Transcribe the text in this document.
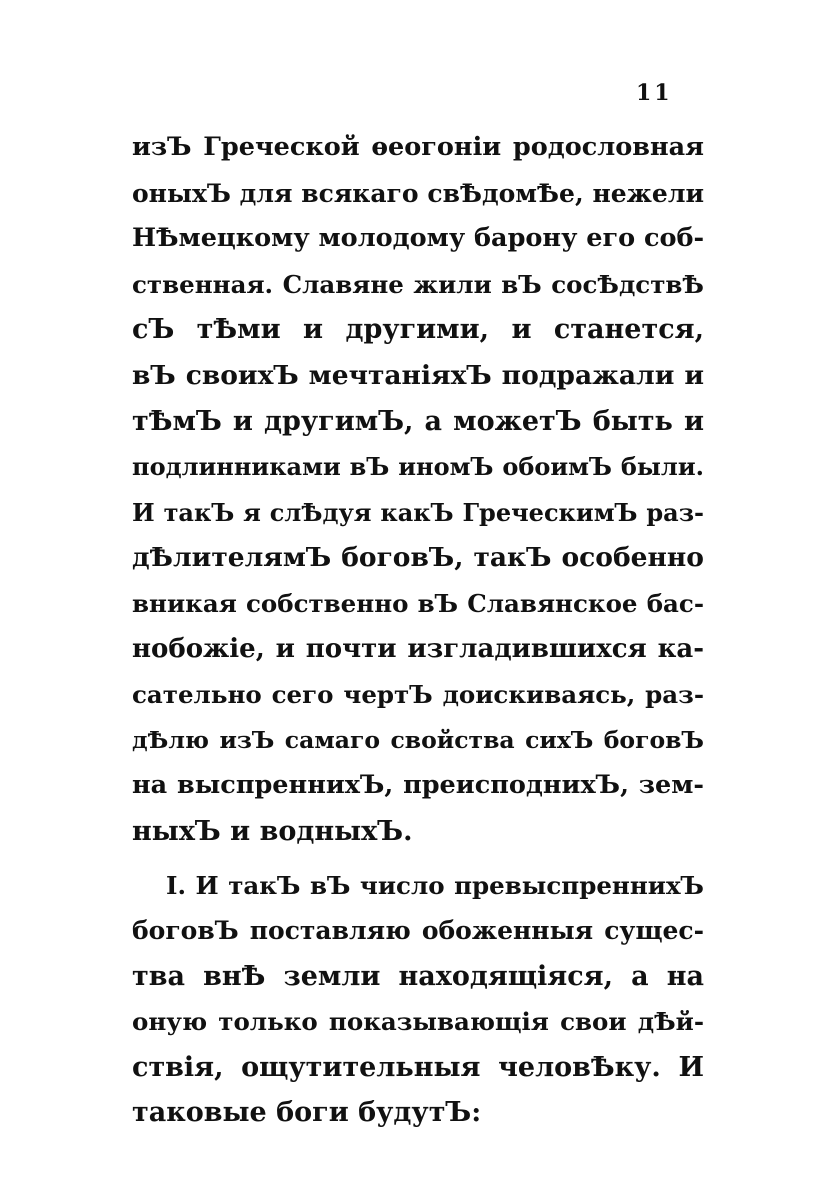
11
изЪ Греческой ѳеогоніи родословная
оныхЪ для всякаго свѢдомѢе, нежели
НѢмецкому молодому барону его соб-
ственная. Славяне жили вЪ сосѢдствѢ
сЪ тѢми и другими, и станется,
вЪ своихЪ мечтаніяхЪ подражали и
тѢмЪ и другимЪ, а можетЪ быть и
подлинниками вЪ иномЪ обоимЪ были.
И такЪ я слѢдуя какЪ ГреческимЪ раз-
дѢлителямЪ боговЪ, такЪ особенно
вникая собственно вЪ Славянское бас-
нобожіе, и почти изгладившихся ка-
сательно сего чертЪ доискиваясь, раз-
дѢлю изЪ самаго свойства сихЪ боговЪ
на выспреннихЪ, преисподнихЪ, зем-
ныхЪ и водныхЪ.
I. И такЪ вЪ число превыспреннихЪ
боговЪ поставляю обоженныя сущес-
тва внѢ земли находящіяся, а на
оную только показывающія свои дѢй-
ствія, ощутительныя человѢку. И
таковые боги будутЪ:
